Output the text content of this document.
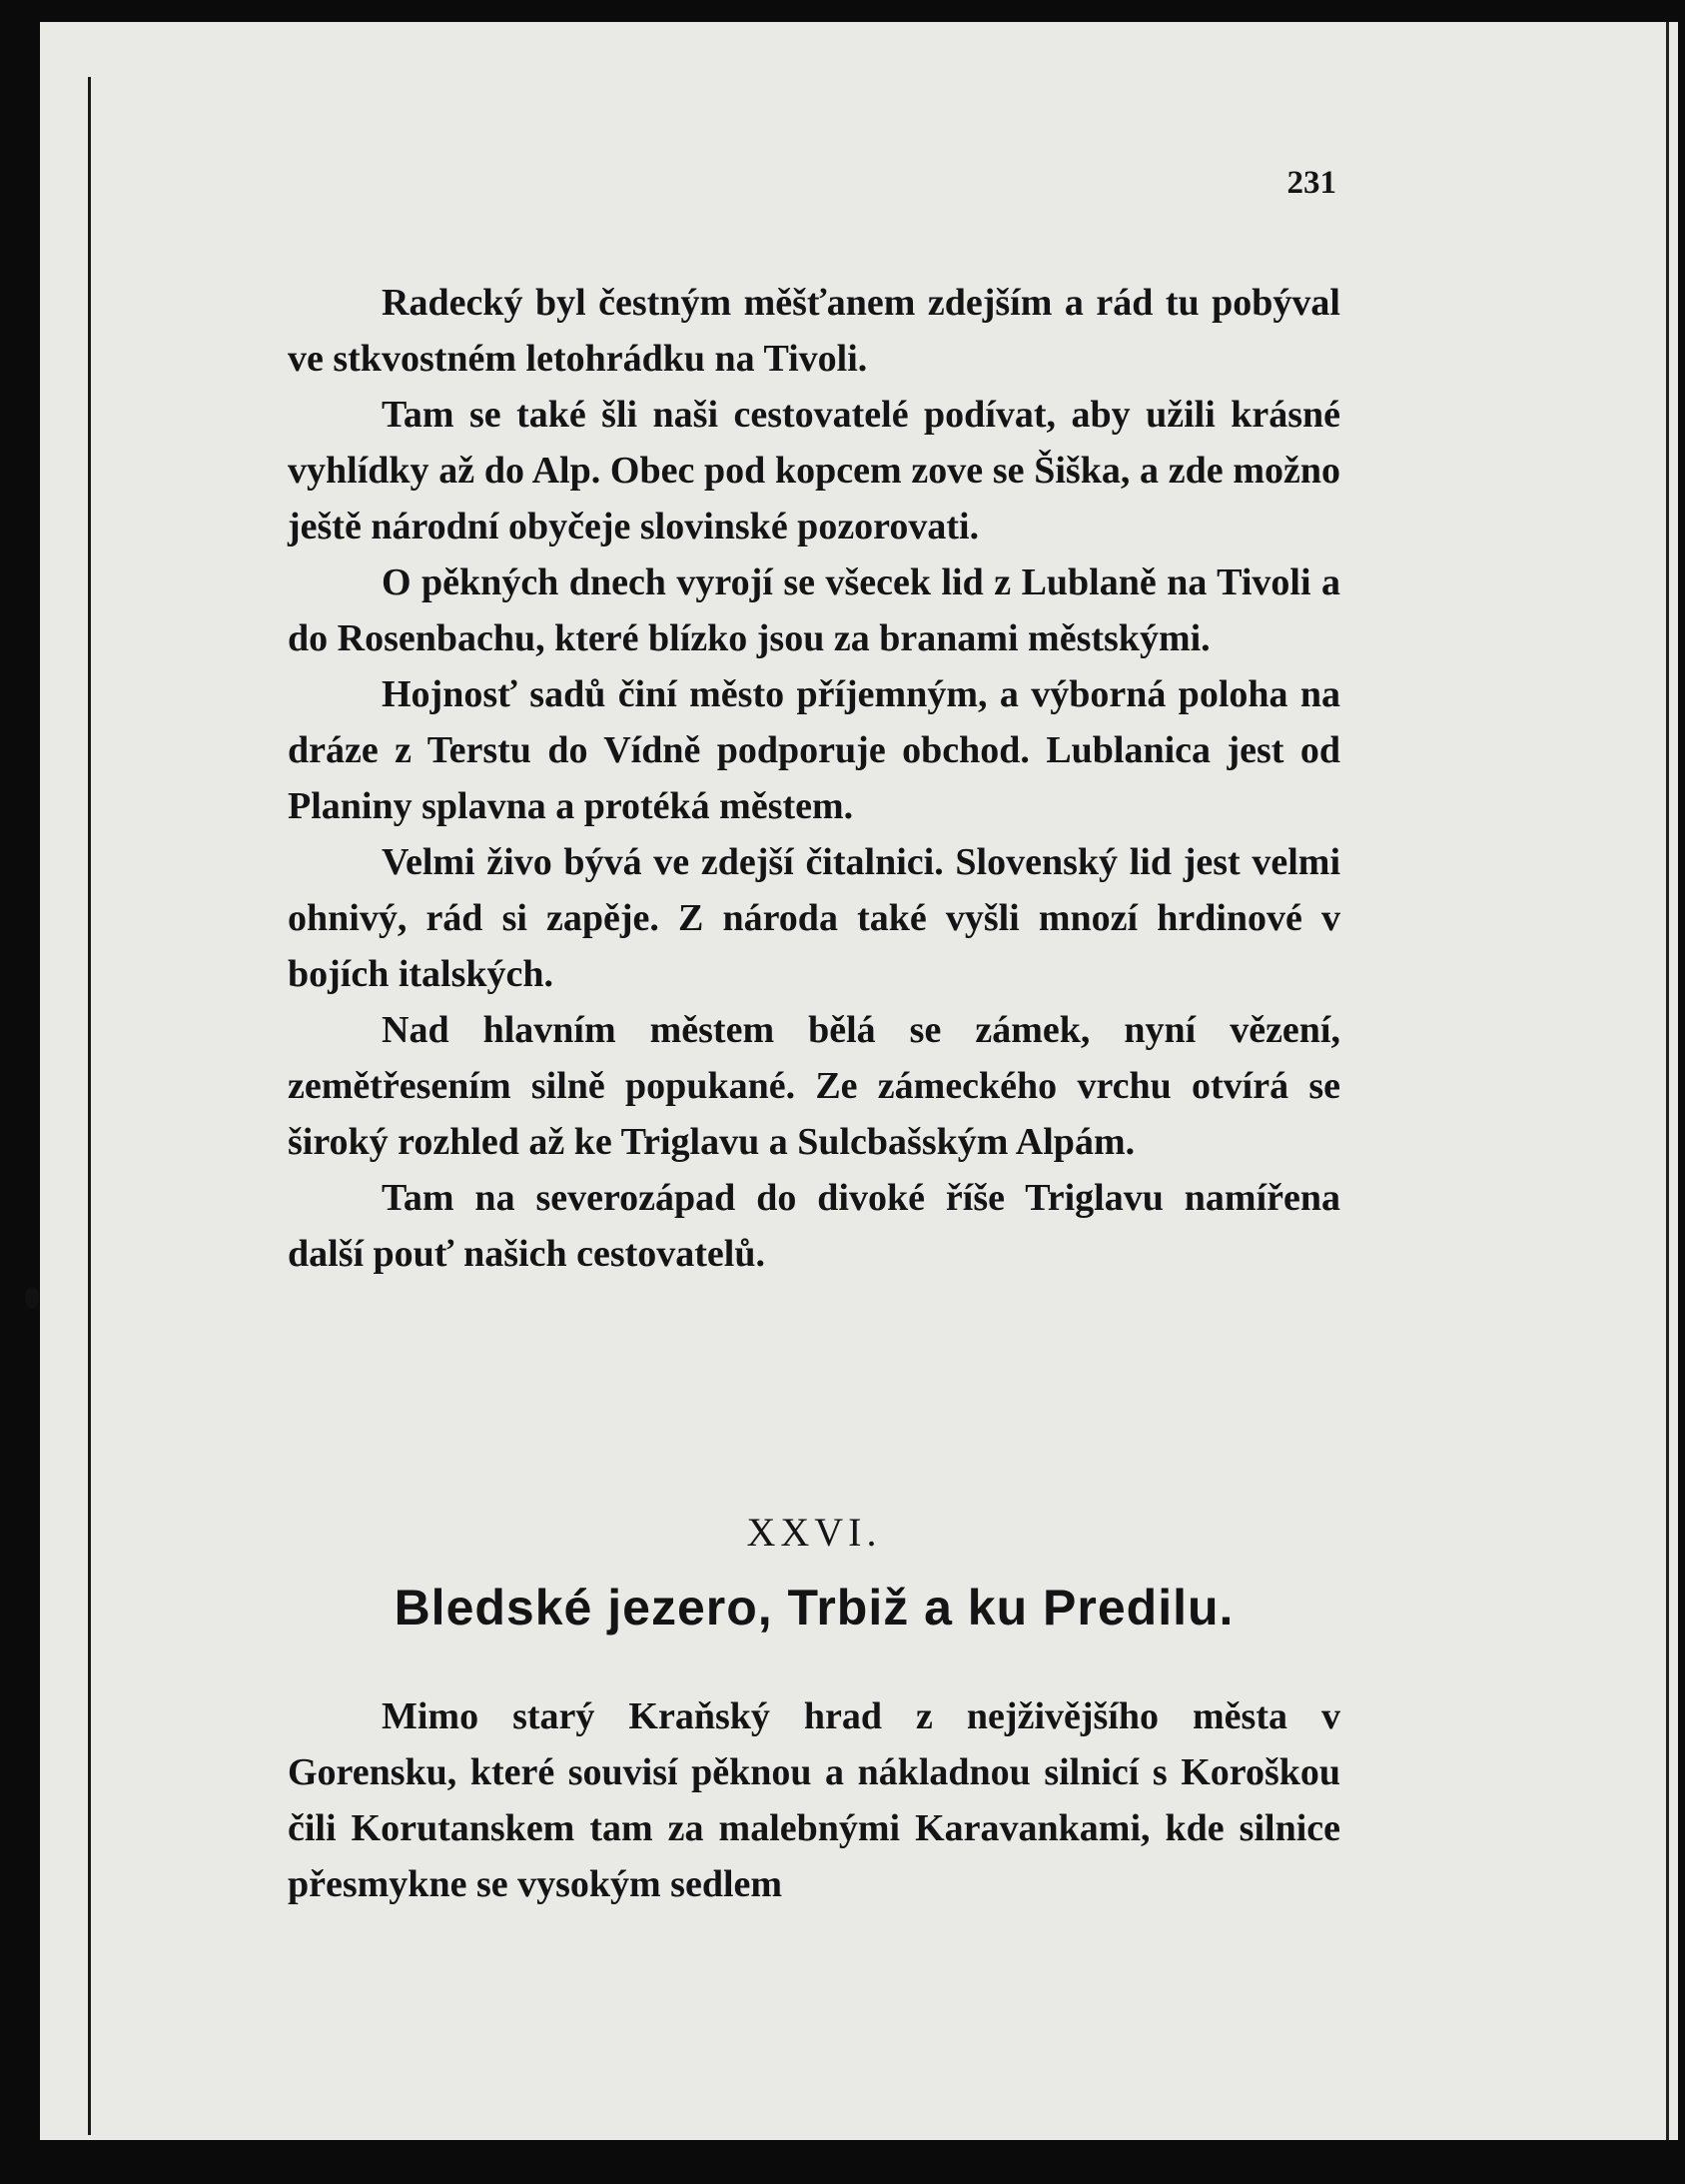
231

Radecký byl čestným měšťanem zdejším a rád tu pobýval ve stkvostném letohrádku na Tivoli.

Tam se také šli naši cestovatelé podívat, aby užili krásné vyhlídky až do Alp. Obec pod kopcem zove se Šiška, a zde možno ještě národní obyčeje slovinské pozorovati.

O pěkných dnech vyrojí se všecek lid z Lublaně na Tivoli a do Rosenbachu, které blízko jsou za branami městskými.

Hojnosť sadů činí město příjemným, a výborná poloha na dráze z Terstu do Vídně podporuje obchod. Lublanica jest od Planiny splavna a protéká městem.

Velmi živo bývá ve zdejší čitalnici. Slovenský lid jest velmi ohnivý, rád si zapěje. Z národa také vyšli mnozí hrdinové v bojích italských.

Nad hlavním městem bělá se zámek, nyní vězení, zemětřesením silně popukané. Ze zámeckého vrchu otvírá se široký rozhled až ke Triglavu a Sulcbašským Alpám.

Tam na severozápad do divoké říše Triglavu namířena další pouť našich cestovatelů.

XXVI.
Bledské jezero, Trbiž a ku Predilu.

Mimo starý Kraňský hrad z nejživějšího města v Gorensku, které souvisí pěknou a nákladnou silnicí s Koroškou čili Korutanskem tam za malebnými Karavankami, kde silnice přesmykne se vysokým sedlem
